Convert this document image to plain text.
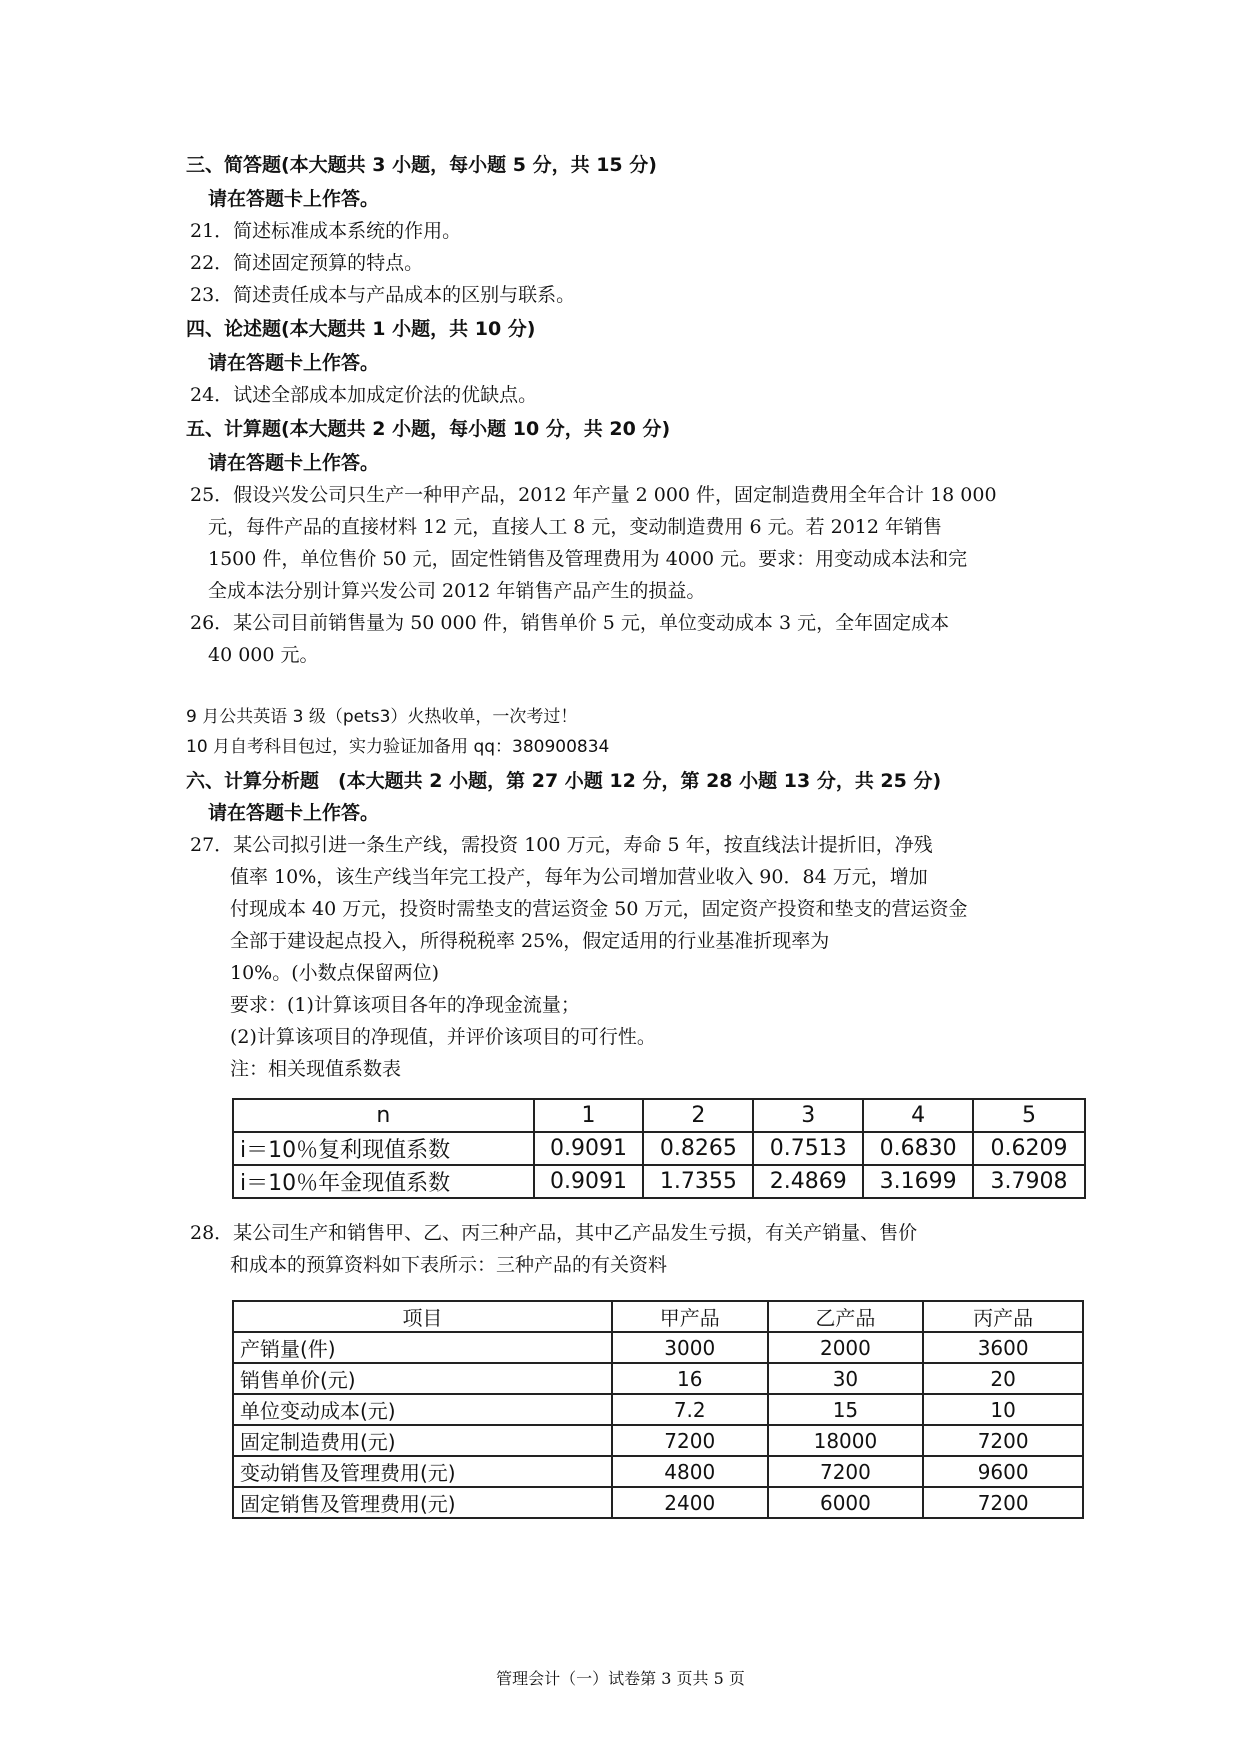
三、简答题(本大题共 3 小题，每小题 5 分，共 15 分)
请在答题卡上作答。
21．简述标准成本系统的作用。
22．简述固定预算的特点。
23．简述责任成本与产品成本的区别与联系。
四、论述题(本大题共 1 小题，共 10 分)
请在答题卡上作答。
24．试述全部成本加成定价法的优缺点。
五、计算题(本大题共 2 小题，每小题 10 分，共 20 分)
请在答题卡上作答。
25．假设兴发公司只生产一种甲产品，2012 年产量 2 000 件，固定制造费用全年合计 18 000
元，每件产品的直接材料 12 元，直接人工 8 元，变动制造费用 6 元。若 2012 年销售
1500 件，单位售价 50 元，固定性销售及管理费用为 4000 元。要求：用变动成本法和完
全成本法分别计算兴发公司 2012 年销售产品产生的损益。
26．某公司目前销售量为 50 000 件，销售单价 5 元，单位变动成本 3 元，全年固定成本
40 000 元。
9 月公共英语 3 级（pets3）火热收单，一次考过！
10 月自考科目包过，实力验证加备用 qq：380900834
六、计算分析题　(本大题共 2 小题，第 27 小题 12 分，第 28 小题 13 分，共 25 分)
请在答题卡上作答。
27．某公司拟引进一条生产线，需投资 100 万元，寿命 5 年，按直线法计提折旧，净残
值率 10%，该生产线当年完工投产，每年为公司增加营业收入 90．84 万元，增加
付现成本 40 万元，投资时需垫支的营运资金 50 万元，固定资产投资和垫支的营运资金
全部于建设起点投入，所得税税率 25%，假定适用的行业基准折现率为
10%。(小数点保留两位)
要求：(1)计算该项目各年的净现金流量；
(2)计算该项目的净现值，并评价该项目的可行性。
注：相关现值系数表
n	1	2	3	4	5
i＝10％复利现值系数	0.9091	0.8265	0.7513	0.6830	0.6209
i＝10％年金现值系数	0.9091	1.7355	2.4869	3.1699	3.7908
28．某公司生产和销售甲、乙、丙三种产品，其中乙产品发生亏损，有关产销量、售价
和成本的预算资料如下表所示：三种产品的有关资料
项目	甲产品	乙产品	丙产品
产销量(件)	3000	2000	3600
销售单价(元)	16	30	20
单位变动成本(元)	7.2	15	10
固定制造费用(元)	7200	18000	7200
变动销售及管理费用(元)	4800	7200	9600
固定销售及管理费用(元)	2400	6000	7200
管理会计（一）试卷第 3 页共 5 页
